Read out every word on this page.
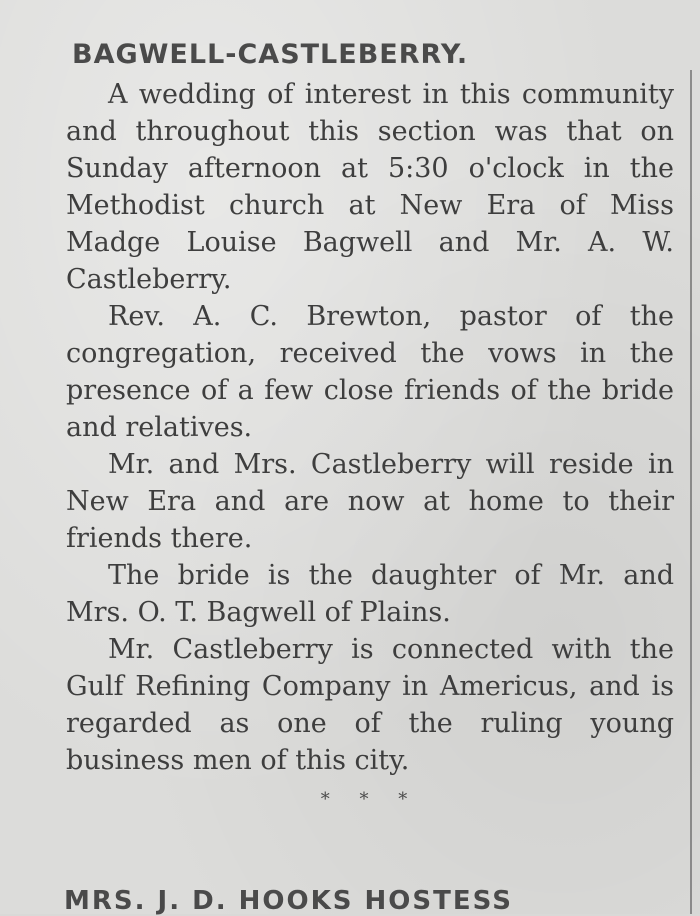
BAGWELL-CASTLEBERRY.

A wedding of interest in this community and throughout this section was that on Sunday afternoon at 5:30 o'clock in the Methodist church at New Era of Miss Madge Louise Bagwell and Mr. A. W. Castleberry.

Rev. A. C. Brewton, pastor of the congregation, received the vows in the presence of a few close friends of the bride and relatives.

Mr. and Mrs. Castleberry will reside in New Era and are now at home to their friends there.

The bride is the daughter of Mr. and Mrs. O. T. Bagwell of Plains.

Mr. Castleberry is connected with the Gulf Refining Company in Americus, and is regarded as one of the ruling young business men of this city.

* * *
MRS. J. D. HOOKS HOSTESS
